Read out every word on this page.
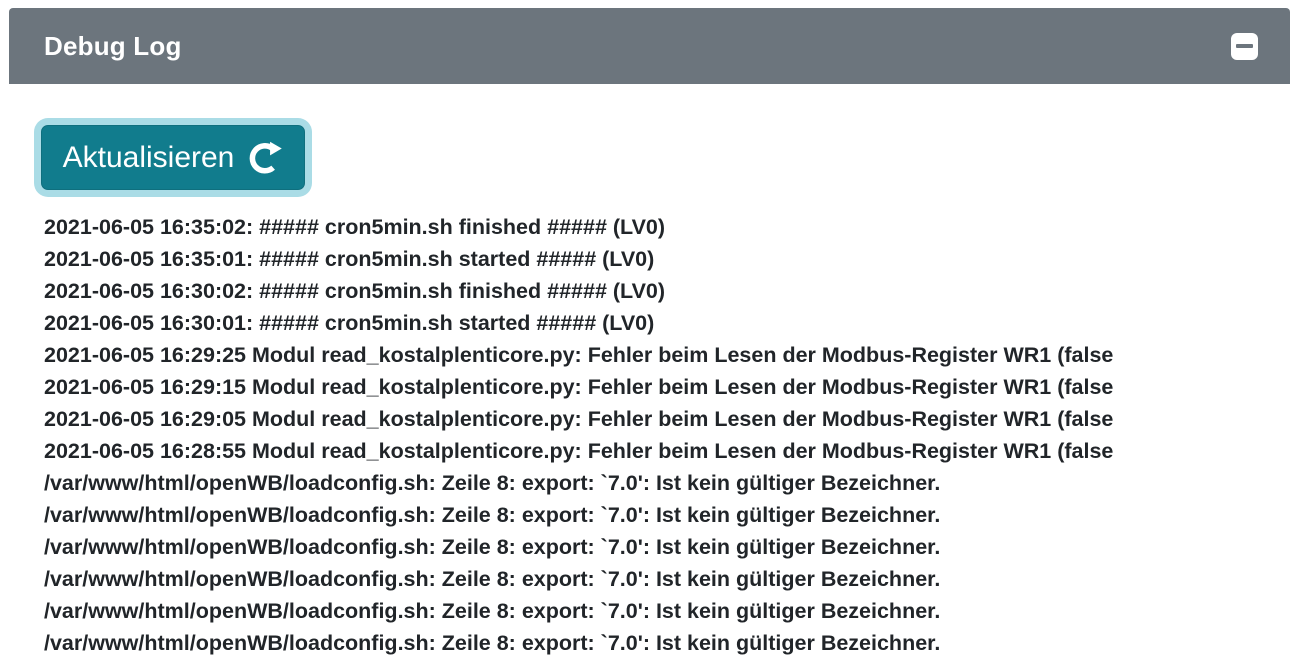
Debug Log
Aktualisieren
2021-06-05 16:35:02: ##### cron5min.sh finished ##### (LV0)
2021-06-05 16:35:01: ##### cron5min.sh started ##### (LV0)
2021-06-05 16:30:02: ##### cron5min.sh finished ##### (LV0)
2021-06-05 16:30:01: ##### cron5min.sh started ##### (LV0)
2021-06-05 16:29:25 Modul read_kostalplenticore.py: Fehler beim Lesen der Modbus-Register WR1 (false
2021-06-05 16:29:15 Modul read_kostalplenticore.py: Fehler beim Lesen der Modbus-Register WR1 (false
2021-06-05 16:29:05 Modul read_kostalplenticore.py: Fehler beim Lesen der Modbus-Register WR1 (false
2021-06-05 16:28:55 Modul read_kostalplenticore.py: Fehler beim Lesen der Modbus-Register WR1 (false
/var/www/html/openWB/loadconfig.sh: Zeile 8: export: `7.0': Ist kein gültiger Bezeichner.
/var/www/html/openWB/loadconfig.sh: Zeile 8: export: `7.0': Ist kein gültiger Bezeichner.
/var/www/html/openWB/loadconfig.sh: Zeile 8: export: `7.0': Ist kein gültiger Bezeichner.
/var/www/html/openWB/loadconfig.sh: Zeile 8: export: `7.0': Ist kein gültiger Bezeichner.
/var/www/html/openWB/loadconfig.sh: Zeile 8: export: `7.0': Ist kein gültiger Bezeichner.
/var/www/html/openWB/loadconfig.sh: Zeile 8: export: `7.0': Ist kein gültiger Bezeichner.
